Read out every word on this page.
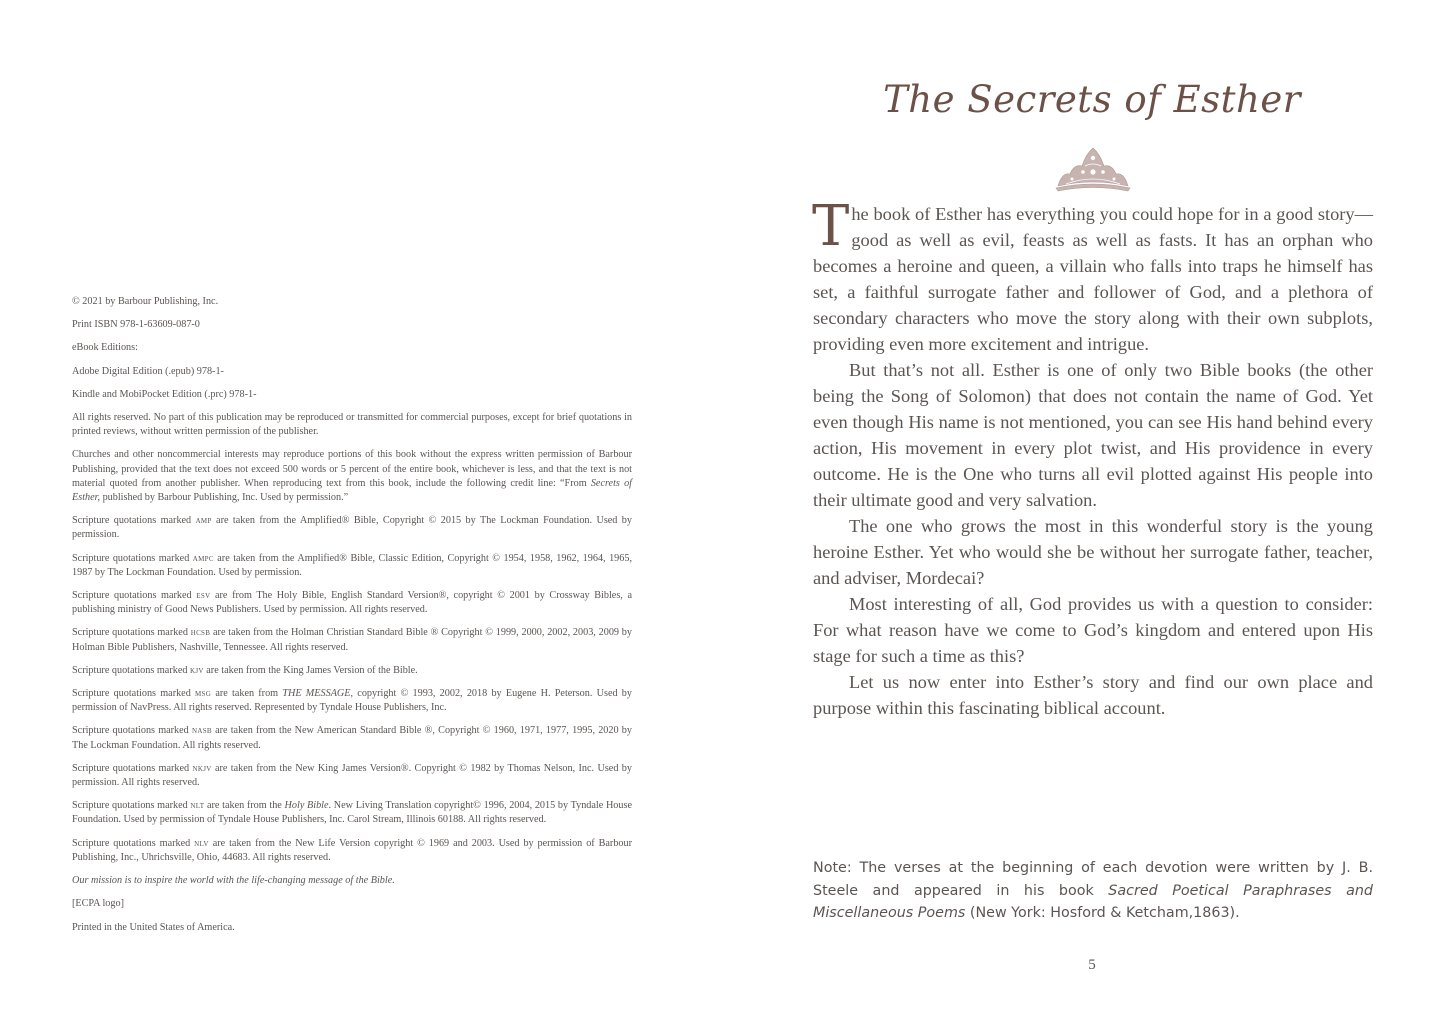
© 2021 by Barbour Publishing, Inc.

Print ISBN 978-1-63609-087-0

eBook Editions:

Adobe Digital Edition (.epub) 978-1-

Kindle and MobiPocket Edition (.prc) 978-1-

All rights reserved. No part of this publication may be reproduced or transmitted for commercial purposes, except for brief quotations in printed reviews, without written permission of the publisher.

Churches and other noncommercial interests may reproduce portions of this book without the express written permission of Barbour Publishing, provided that the text does not exceed 500 words or 5 percent of the entire book, whichever is less, and that the text is not material quoted from another publisher. When reproducing text from this book, include the following credit line: “From Secrets of Esther, published by Barbour Publishing, Inc. Used by permission.”

Scripture quotations marked amp are taken from the Amplified® Bible, Copyright © 2015 by The Lockman Foundation. Used by permission.

Scripture quotations marked ampc are taken from the Amplified® Bible, Classic Edition, Copyright © 1954, 1958, 1962, 1964, 1965, 1987 by The Lockman Foundation. Used by permission.

Scripture quotations marked esv are from The Holy Bible, English Standard Version®, copyright © 2001 by Crossway Bibles, a publishing ministry of Good News Publishers. Used by permission. All rights reserved.

Scripture quotations marked hcsb are taken from the Holman Christian Standard Bible ® Copyright © 1999, 2000, 2002, 2003, 2009 by Holman Bible Publishers, Nashville, Tennessee. All rights reserved.

Scripture quotations marked kjv are taken from the King James Version of the Bible.

Scripture quotations marked msg are taken from THE MESSAGE, copyright © 1993, 2002, 2018 by Eugene H. Peterson. Used by permission of NavPress. All rights reserved. Represented by Tyndale House Publishers, Inc.

Scripture quotations marked nasb are taken from the New American Standard Bible ®, Copyright © 1960, 1971, 1977, 1995, 2020 by The Lockman Foundation. All rights reserved.

Scripture quotations marked nkjv are taken from the New King James Version®. Copyright © 1982 by Thomas Nelson, Inc. Used by permission. All rights reserved.

Scripture quotations marked nlt are taken from the Holy Bible. New Living Translation copyright© 1996, 2004, 2015 by Tyndale House Foundation. Used by permission of Tyndale House Publishers, Inc. Carol Stream, Illinois 60188. All rights reserved.

Scripture quotations marked nlv are taken from the New Life Version copyright © 1969 and 2003. Used by permission of Barbour Publishing, Inc., Uhrichsville, Ohio, 44683. All rights reserved.

Our mission is to inspire the world with the life-changing message of the Bible.

[ECPA logo]

Printed in the United States of America.

The Secrets of Esther

The book of Esther has everything you could hope for in a good story—good as well as evil, feasts as well as fasts. It has an orphan who becomes a heroine and queen, a villain who falls into traps he himself has set, a faithful surrogate father and follower of God, and a plethora of secondary characters who move the story along with their own subplots, providing even more excitement and intrigue.

But that’s not all. Esther is one of only two Bible books (the other being the Song of Solomon) that does not contain the name of God. Yet even though His name is not mentioned, you can see His hand behind every action, His movement in every plot twist, and His providence in every outcome. He is the One who turns all evil plotted against His people into their ultimate good and very salvation.

The one who grows the most in this wonderful story is the young heroine Esther. Yet who would she be without her surrogate father, teacher, and adviser, Mordecai?

Most interesting of all, God provides us with a question to consider: For what reason have we come to God’s kingdom and entered upon His stage for such a time as this?

Let us now enter into Esther’s story and find our own place and purpose within this fascinating biblical account.

Note: The verses at the beginning of each devotion were written by J. B. Steele and appeared in his book Sacred Poetical Paraphrases and Miscellaneous Poems (New York: Hosford & Ketcham,1863).
5
